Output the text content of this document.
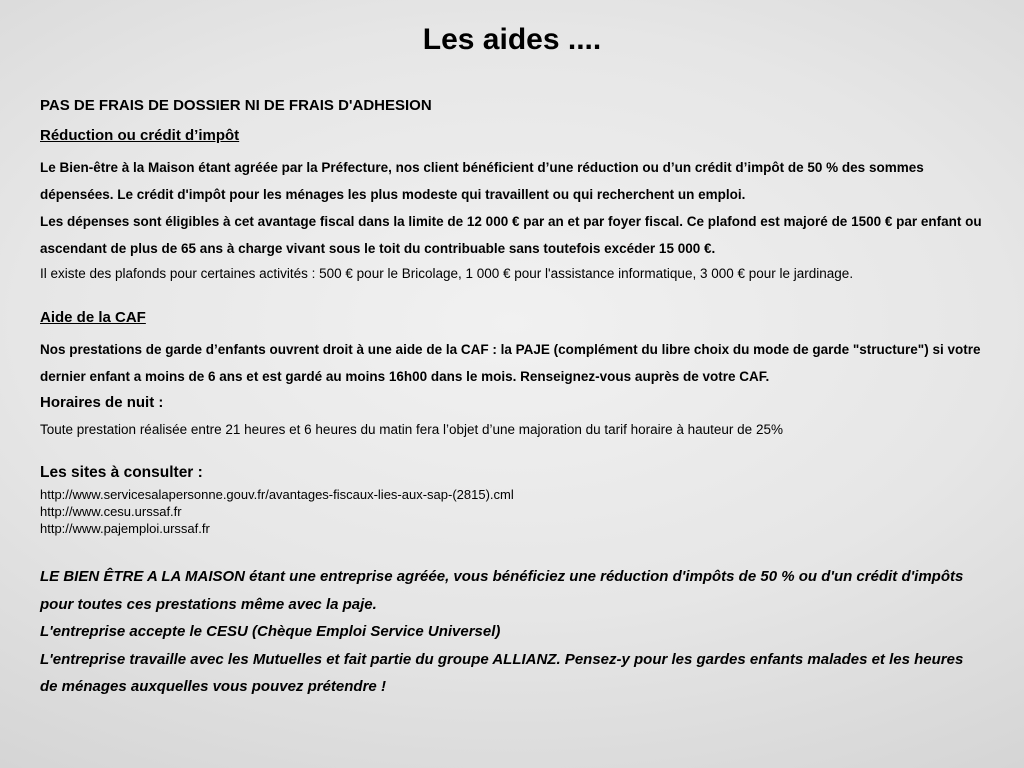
Les aides ....

PAS DE FRAIS DE DOSSIER NI DE FRAIS D'ADHESION

Réduction ou crédit d’impôt

Le Bien-être à la Maison étant agréée par la Préfecture, nos client bénéficient d’une réduction ou d’un crédit d’impôt de 50 % des sommes dépensées. Le crédit d'impôt pour les ménages les plus modeste qui travaillent ou qui recherchent un emploi.

Les dépenses sont éligibles à cet avantage fiscal dans la limite de 12 000 € par an et par foyer fiscal. Ce plafond est majoré de 1500 € par enfant ou ascendant de plus de 65 ans à charge vivant sous le toit du contribuable sans toutefois excéder 15 000 €.

Il existe des plafonds pour certaines activités : 500 € pour le Bricolage, 1 000 € pour l'assistance informatique, 3 000 € pour le jardinage.

Aide de la CAF

Nos prestations de garde d’enfants ouvrent droit à une aide de la CAF : la PAJE (complément du libre choix du mode de garde "structure") si votre dernier enfant a moins de 6 ans et est gardé au moins 16h00 dans le mois. Renseignez-vous auprès de votre CAF.

Horaires de nuit :

Toute prestation réalisée entre 21 heures et 6 heures du matin fera l’objet d’une majoration du tarif horaire à hauteur de 25%

Les sites à consulter :

http://www.servicesalapersonne.gouv.fr/avantages-fiscaux-lies-aux-sap-(2815).cml

http://www.cesu.urssaf.fr

http://www.pajemploi.urssaf.fr

LE BIEN ÊTRE A LA MAISON étant une entreprise agréée, vous bénéficiez une réduction d'impôts de 50 % ou d'un crédit d'impôts pour toutes ces prestations même avec la paje.

L'entreprise accepte le CESU (Chèque Emploi Service Universel)

L'entreprise travaille avec les Mutuelles et fait partie du groupe ALLIANZ. Pensez-y pour les gardes enfants malades et les heures de ménages auxquelles vous pouvez prétendre !
